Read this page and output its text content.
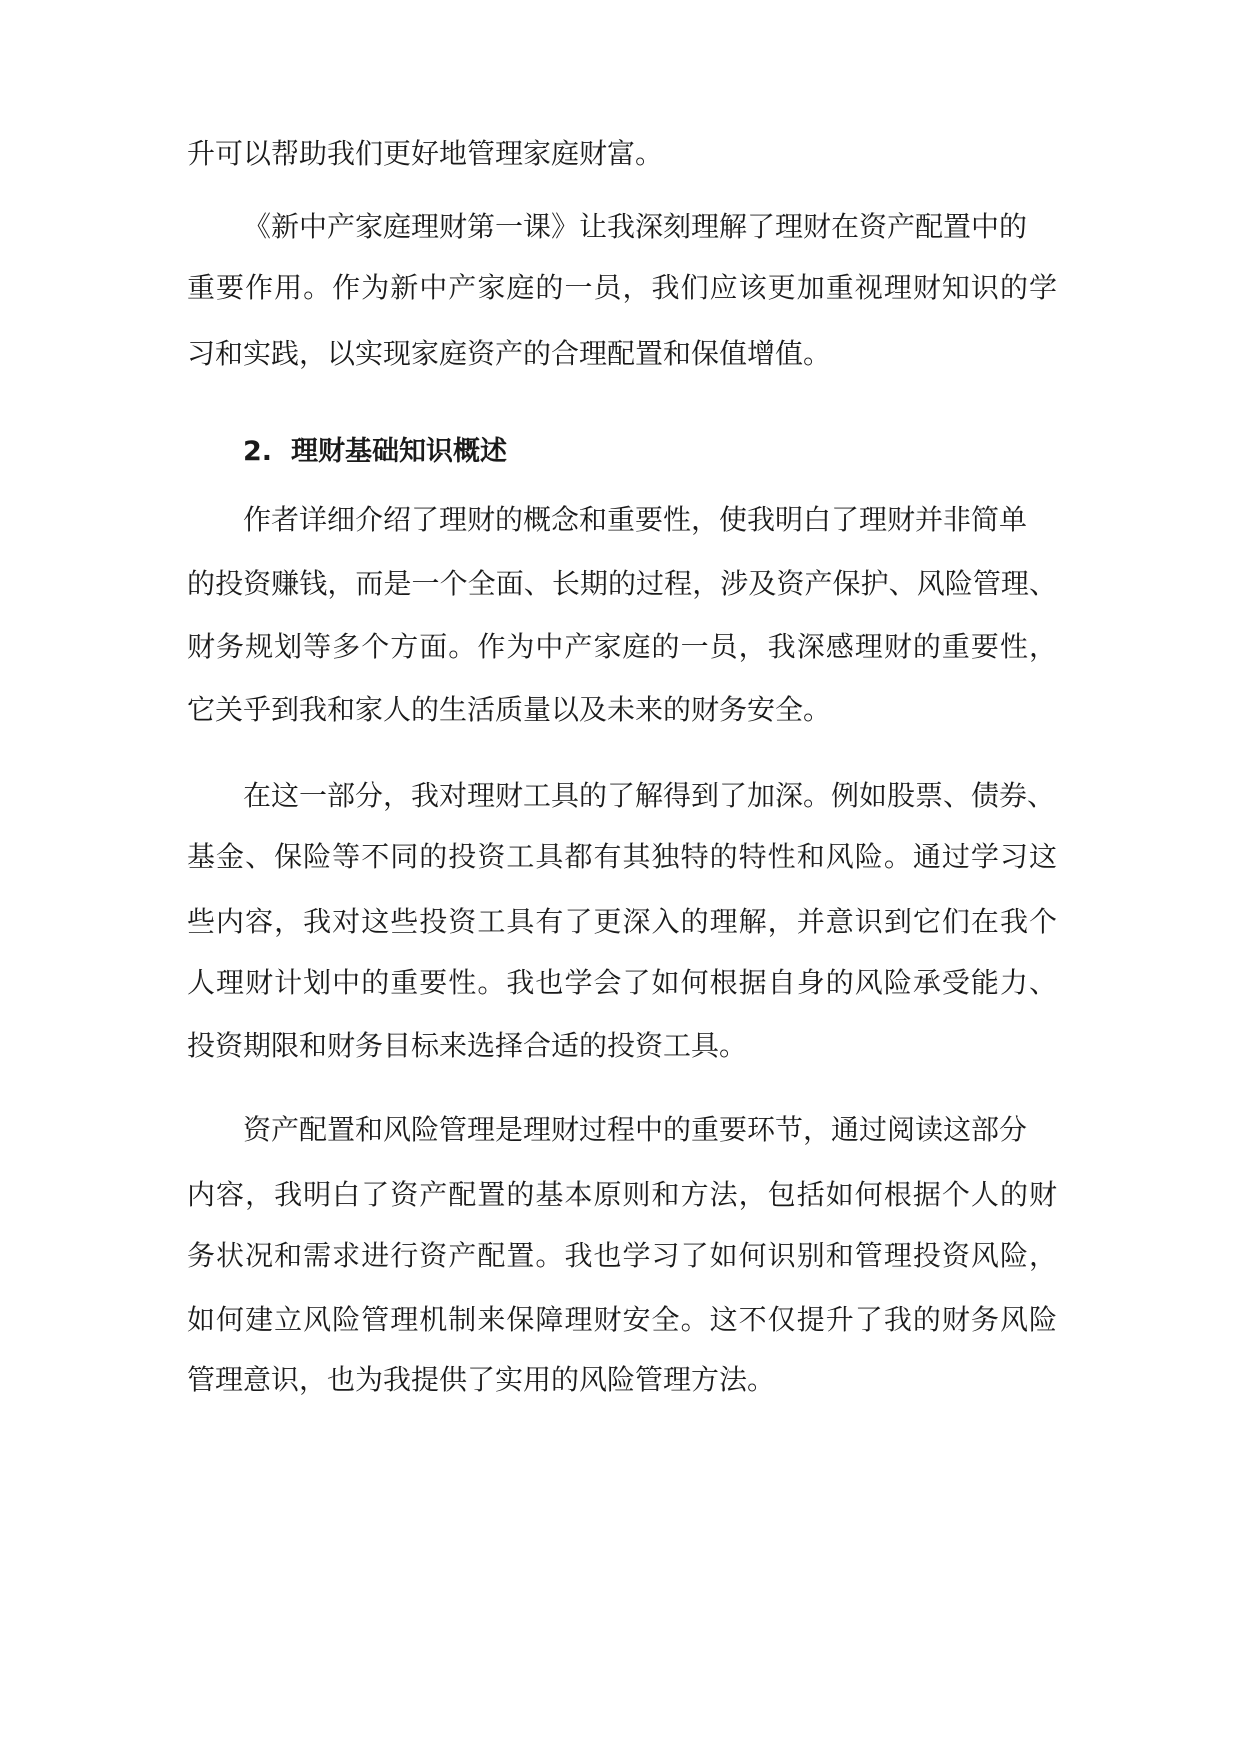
升可以帮助我们更好地管理家庭财富。
《新中产家庭理财第一课》让我深刻理解了理财在资产配置中的
重要作用。作为新中产家庭的一员，我们应该更加重视理财知识的学
习和实践，以实现家庭资产的合理配置和保值增值。
2. 理财基础知识概述
作者详细介绍了理财的概念和重要性，使我明白了理财并非简单
的投资赚钱，而是一个全面、长期的过程，涉及资产保护、风险管理、
财务规划等多个方面。作为中产家庭的一员，我深感理财的重要性，
它关乎到我和家人的生活质量以及未来的财务安全。
在这一部分，我对理财工具的了解得到了加深。例如股票、债券、
基金、保险等不同的投资工具都有其独特的特性和风险。通过学习这
些内容，我对这些投资工具有了更深入的理解，并意识到它们在我个
人理财计划中的重要性。我也学会了如何根据自身的风险承受能力、
投资期限和财务目标来选择合适的投资工具。
资产配置和风险管理是理财过程中的重要环节，通过阅读这部分
内容，我明白了资产配置的基本原则和方法，包括如何根据个人的财
务状况和需求进行资产配置。我也学习了如何识别和管理投资风险，
如何建立风险管理机制来保障理财安全。这不仅提升了我的财务风险
管理意识，也为我提供了实用的风险管理方法。
